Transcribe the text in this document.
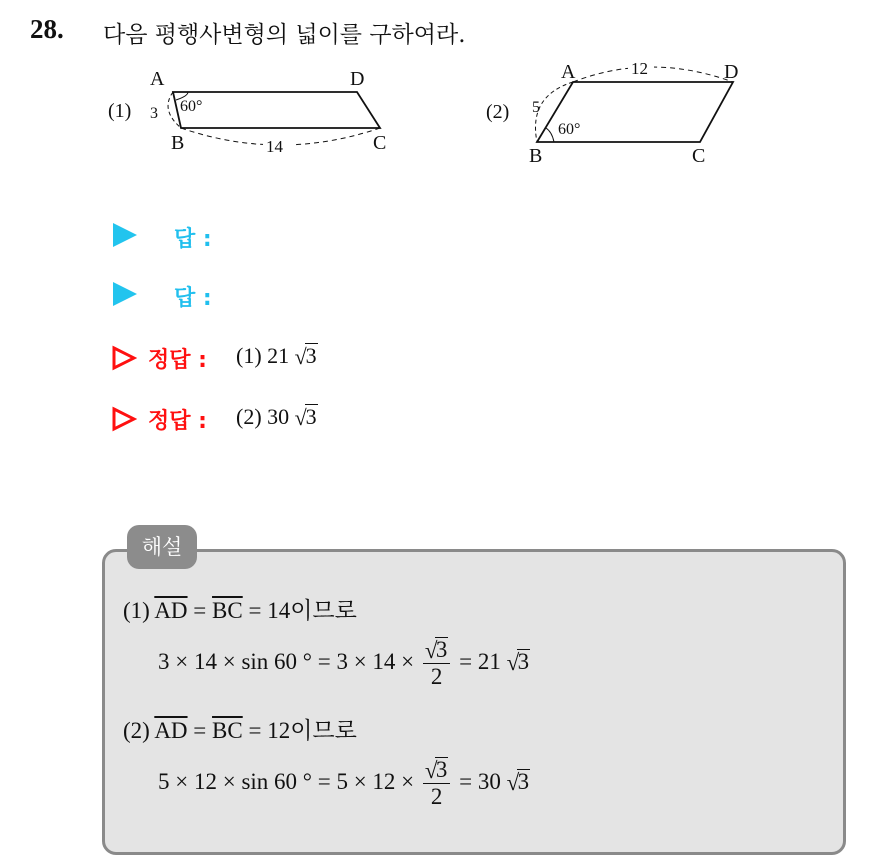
28. 다음 평행사변형의 넓이를 구하여라.
(1)
A	D
B	C
3 60°
14
(2)
A	D
B	C
5
60°
12
답 :
답 :
정답 : (1) 21 √
3
정답 : (2) 30 √
3
해설
(1) $\overline{AD} = \overline{BC} = 14$이므로
3 × 14 × sin 60 ° = 3 × 14 × √
3
2 = 21 √
3
(2) $\overline{AD} = \overline{BC} = 12$이므로
5 × 12 × sin 60 ° = 5 × 12 × √
3
2 = 30 √
3
